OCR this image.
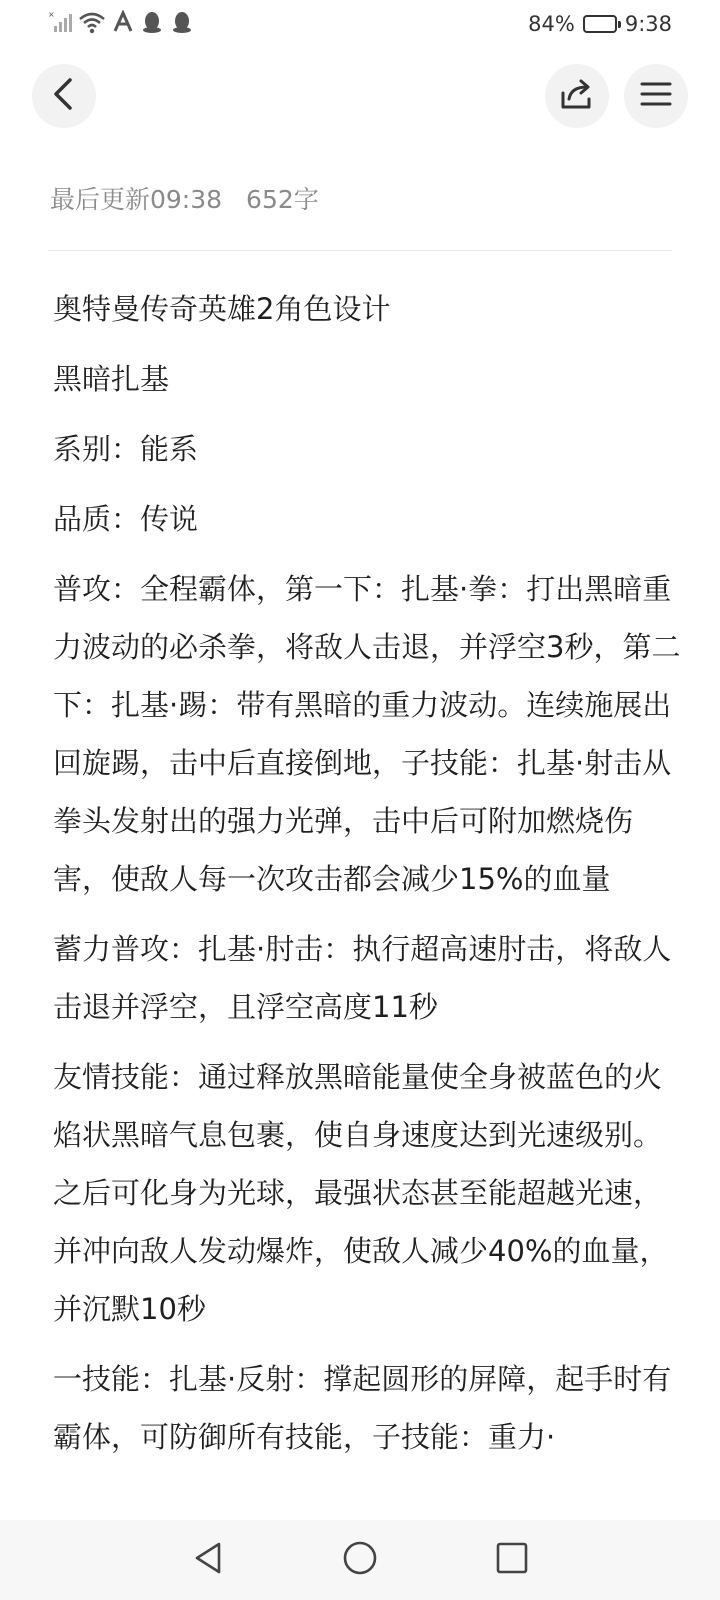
×	84% 9:38
最后更新09:38 652字

奥特曼传奇英雄2角色设计

黑暗扎基

系别：能系

品质：传说

普攻：全程霸体，第一下：扎基·拳：打出黑暗重力波动的必杀拳，将敌人击退，并浮空3秒，第二下：扎基·踢：带有黑暗的重力波动。连续施展出回旋踢，击中后直接倒地，子技能：扎基·射击从拳头发射出的强力光弹，击中后可附加燃烧伤害，使敌人每一次攻击都会减少15%的血量

蓄力普攻：扎基·肘击：执行超高速肘击，将敌人击退并浮空，且浮空高度11秒

友情技能：通过释放黑暗能量使全身被蓝色的火焰状黑暗气息包裹，使自身速度达到光速级别。之后可化身为光球，最强状态甚至能超越光速，并冲向敌人发动爆炸，使敌人减少40%的血量，并沉默10秒

一技能：扎基·反射：撑起圆形的屏障，起手时有霸体，可防御所有技能，子技能：重力·
